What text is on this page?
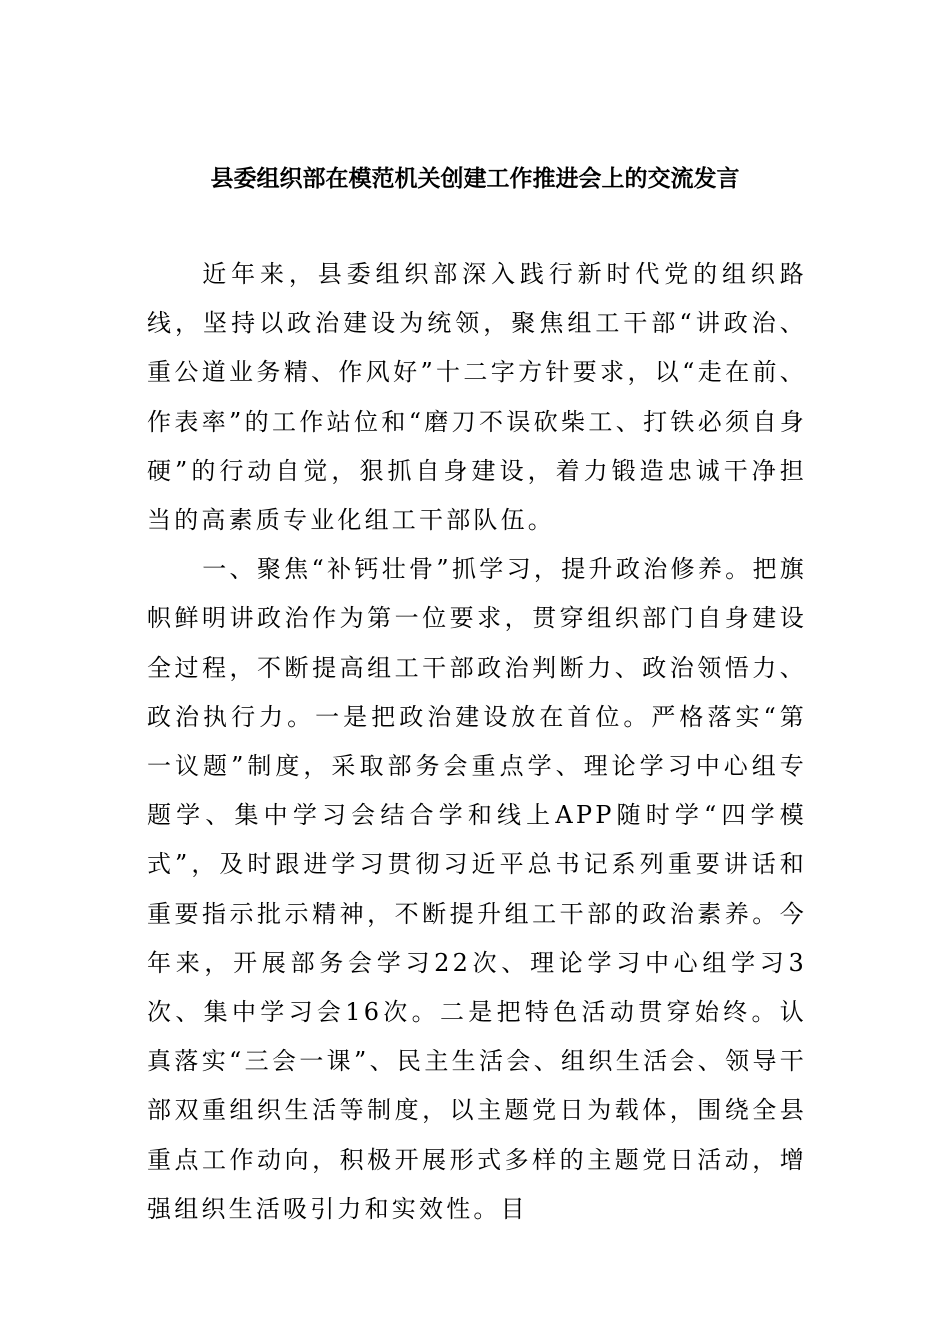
县委组织部在模范机关创建工作推进会上的交流发言

近年来，县委组织部深入践行新时代党的组织路线，坚持以政治建设为统领，聚焦组工干部“讲政治、重公道业务精、作风好”十二字方针要求，以“走在前、作表率”的工作站位和“磨刀不误砍柴工、打铁必须自身硬”的行动自觉，狠抓自身建设，着力锻造忠诚干净担当的高素质专业化组工干部队伍。

一、聚焦“补钙壮骨”抓学习，提升政治修养。把旗帜鲜明讲政治作为第一位要求，贯穿组织部门自身建设全过程，不断提高组工干部政治判断力、政治领悟力、政治执行力。一是把政治建设放在首位。严格落实“第一议题”制度，采取部务会重点学、理论学习中心组专题学、集中学习会结合学和线上APP随时学“四学模式”，及时跟进学习贯彻习近平总书记系列重要讲话和重要指示批示精神，不断提升组工干部的政治素养。今年来，开展部务会学习22次、理论学习中心组学习3次、集中学习会16次。二是把特色活动贯穿始终。认真落实“三会一课”、民主生活会、组织生活会、领导干部双重组织生活等制度，以主题党日为载体，围绕全县重点工作动向，积极开展形式多样的主题党日活动，增强组织生活吸引力和实效性。目
